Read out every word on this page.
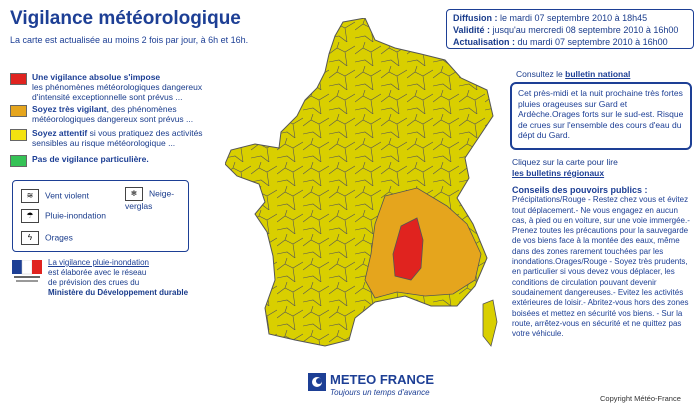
Vigilance météorologique
La carte est actualisée au moins 2 fois par jour, à 6h et 16h.
Diffusion : le mardi 07 septembre 2010 à 18h45
Validité : jusqu'au mercredi 08 septembre 2010 à 16h00
Actualisation : du mardi 07 septembre 2010 à 16h00
Une vigilance absolue s'impose
les phénomènes météorologiques dangereux d'intensité exceptionnelle sont prévus ...
Soyez très vigilant, des phénomènes météorologiques dangereux sont prévus ...
Soyez attentif si vous pratiquez des activités sensibles au risque météorologique ...
Pas de vigilance particulière.
≋ Vent violent	❄ Neige-verglas
☂ Pluie-inondation
ϟ Orages
La vigilance pluie-inondation
est élaborée avec le réseau
de prévision des crues du
Ministère du Développement durable
Consultez le bulletin national
Cet près-midi et la nuit prochaine très fortes pluies orageuses sur Gard et Ardèche.Orages forts sur le sud-est. Risque de crues sur l'ensemble des cours d'eau du dépt du Gard.
Cliquez sur la carte pour lire
les bulletins régionaux
Conseils des pouvoirs publics :
Précipitations/Rouge - Restez chez vous et évitez tout déplacement.- Ne vous engagez en aucun cas, à pied ou en voiture, sur une voie immergée.- Prenez toutes les précautions pour la sauvegarde de vos biens face à la montée des eaux, même dans des zones rarement touchées par les inondations.Orages/Rouge - Soyez très prudents, en particulier si vous devez vous déplacer, les conditions de circulation pouvant devenir soudainement dangereuses.- Evitez les activités extérieures de loisir.- Abritez-vous hors des zones boisées et mettez en sécurité vos biens. - Sur la route, arrêtez-vous en sécurité et ne quittez pas votre véhicule.
METEO FRANCE
Toujours un temps d'avance
Copyright Météo-France
